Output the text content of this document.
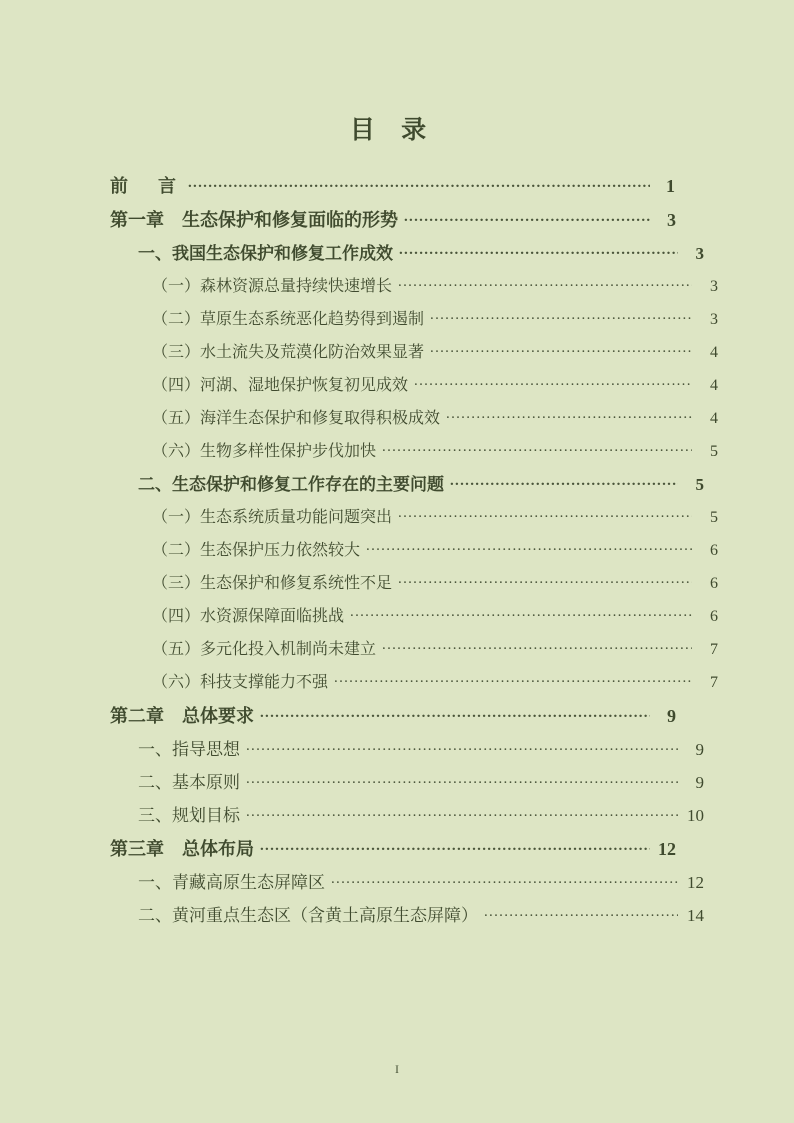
目 录
前　言 .....	1
第一章　生态保护和修复面临的形势 .....	3
一、我国生态保护和修复工作成效 .....	3
（一）森林资源总量持续快速增长 .....	3
（二）草原生态系统恶化趋势得到遏制 .....	3
（三）水土流失及荒漠化防治效果显著 .....	4
（四）河湖、湿地保护恢复初见成效 .....	4
（五）海洋生态保护和修复取得积极成效 .....	4
（六）生物多样性保护步伐加快 .....	5
二、生态保护和修复工作存在的主要问题 .....	5
（一）生态系统质量功能问题突出 .....	5
（二）生态保护压力依然较大 .....	6
（三）生态保护和修复系统性不足 .....	6
（四）水资源保障面临挑战 .....	6
（五）多元化投入机制尚未建立 .....	7
（六）科技支撑能力不强 .....	7
第二章　总体要求 .....	9
一、指导思想 .....	9
二、基本原则 .....	9
三、规划目标 .....	10
第三章　总体布局 .....	12
一、青藏高原生态屏障区 .....	12
二、黄河重点生态区（含黄土高原生态屏障） .....	14
I
